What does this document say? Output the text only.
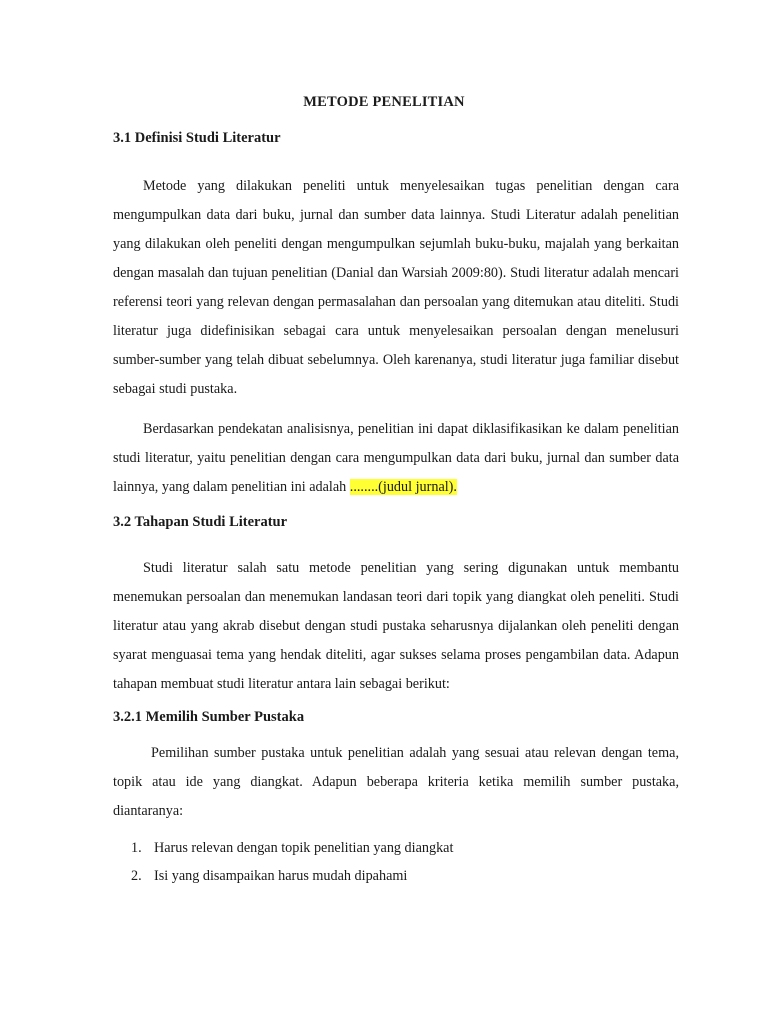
METODE PENELITIAN
3.1 Definisi Studi Literatur

Metode yang dilakukan peneliti untuk menyelesaikan tugas penelitian dengan cara mengumpulkan data dari buku, jurnal dan sumber data lainnya. Studi Literatur adalah penelitian yang dilakukan oleh peneliti dengan mengumpulkan sejumlah buku-buku, majalah yang berkaitan dengan masalah dan tujuan penelitian (Danial dan Warsiah 2009:80). Studi literatur adalah mencari referensi teori yang relevan dengan permasalahan dan persoalan yang ditemukan atau diteliti. Studi literatur juga didefinisikan sebagai cara untuk menyelesaikan persoalan dengan menelusuri sumber-sumber yang telah dibuat sebelumnya. Oleh karenanya, studi literatur juga familiar disebut sebagai studi pustaka.

Berdasarkan pendekatan analisisnya, penelitian ini dapat diklasifikasikan ke dalam penelitian studi literatur, yaitu penelitian dengan cara mengumpulkan data dari buku, jurnal dan sumber data lainnya, yang dalam penelitian ini adalah ........(judul jurnal).

3.2 Tahapan Studi Literatur

Studi literatur salah satu metode penelitian yang sering digunakan untuk membantu menemukan persoalan dan menemukan landasan teori dari topik yang diangkat oleh peneliti. Studi literatur atau yang akrab disebut dengan studi pustaka seharusnya dijalankan oleh peneliti dengan syarat menguasai tema yang hendak diteliti, agar sukses selama proses pengambilan data. Adapun tahapan membuat studi literatur antara lain sebagai berikut:

3.2.1 Memilih Sumber Pustaka

Pemilihan sumber pustaka untuk penelitian adalah yang sesuai atau relevan dengan tema, topik atau ide yang diangkat. Adapun beberapa kriteria ketika memilih sumber pustaka, diantaranya:

1. Harus relevan dengan topik penelitian yang diangkat
2. Isi yang disampaikan harus mudah dipahami
